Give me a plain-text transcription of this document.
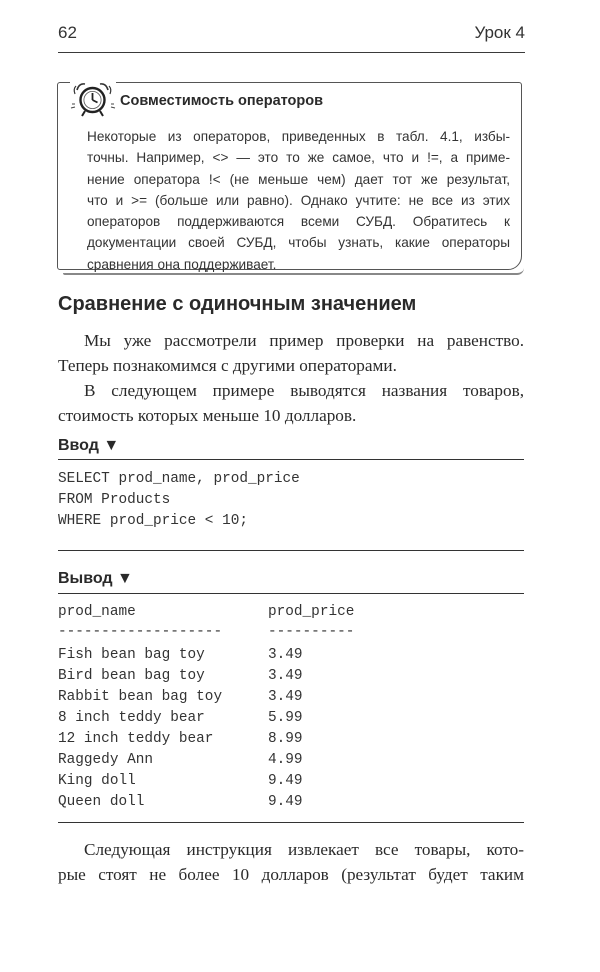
62	Урок 4
Совместимость операторов
Некоторые из операторов, приведенных в табл. 4.1, избы-
точны. Например, <> — это то же самое, что и !=, а приме-
нение оператора !< (не меньше чем) дает тот же результат,
что и >= (больше или равно). Однако учтите: не все из этих
операторов поддерживаются всеми СУБД. Обратитесь к
документации своей СУБД, чтобы узнать, какие операторы
сравнения она поддерживает.
Сравнение с одиночным значением
Мы уже рассмотрели пример проверки на равенство.
Теперь познакомимся с другими операторами.
В следующем примере выводятся названия товаров,
стоимость которых меньше 10 долларов.
Ввод ▼
SELECT prod_name, prod_price
FROM Products
WHERE prod_price < 10;
Вывод ▼
prod_name	prod_price
-------------------	----------
Fish bean bag toy	3.49
Bird bean bag toy	3.49
Rabbit bean bag toy	3.49
8 inch teddy bear	5.99
12 inch teddy bear	8.99
Raggedy Ann	4.99
King doll	9.49
Queen doll	9.49
Следующая инструкция извлекает все товары, кото-
рые стоят не более 10 долларов (результат будет таким
